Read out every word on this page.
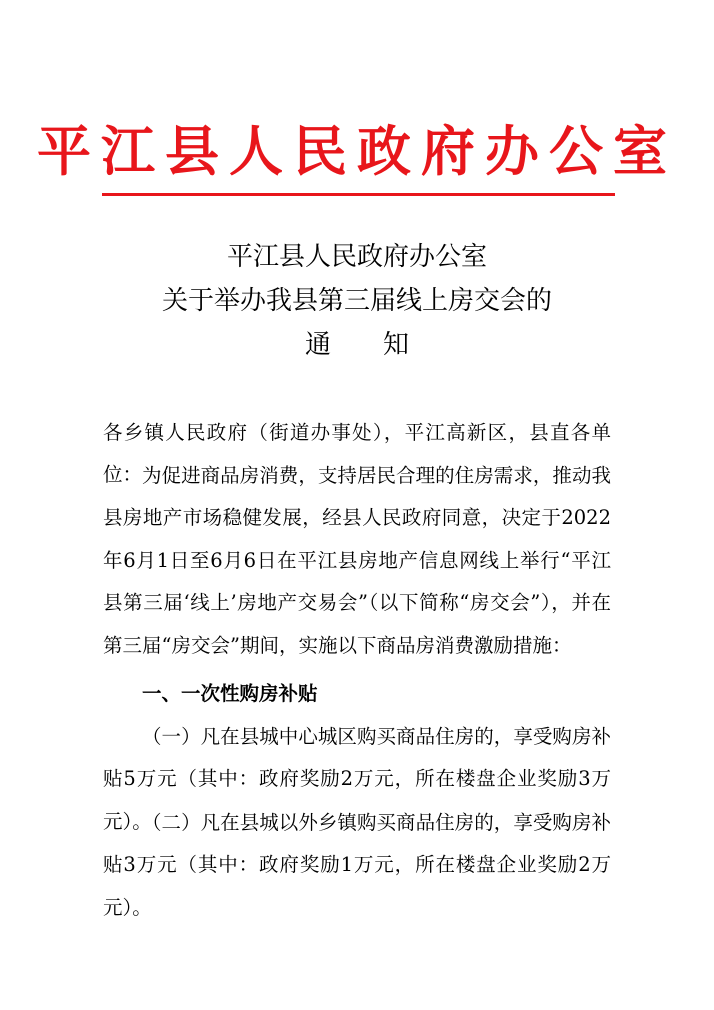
平江县人民政府办公室
平江县人民政府办公室
关于举办我县第三届线上房交会的
通 知

各乡镇人民政府（街道办事处），平江高新区，县直各单位： 为促进商品房消费，支持居民合理的住房需求，推动我县房地产市场稳健发展，经县人民政府同意，决定于2022年6月1日至6月6日在平江县房地产信息网线上举行“平江县第三届‘线上’房地产交易会”（以下简称“房交会”），并在第三届“房交会”期间，实施以下商品房消费激励措施：

一、一次性购房补贴

（一）凡在县城中心城区购买商品住房的，享受购房补贴5万元（其中：政府奖励2万元，所在楼盘企业奖励3万元）。

（二）凡在县城以外乡镇购买商品住房的，享受购房补贴3万元（其中：政府奖励1万元，所在楼盘企业奖励2万元）。
